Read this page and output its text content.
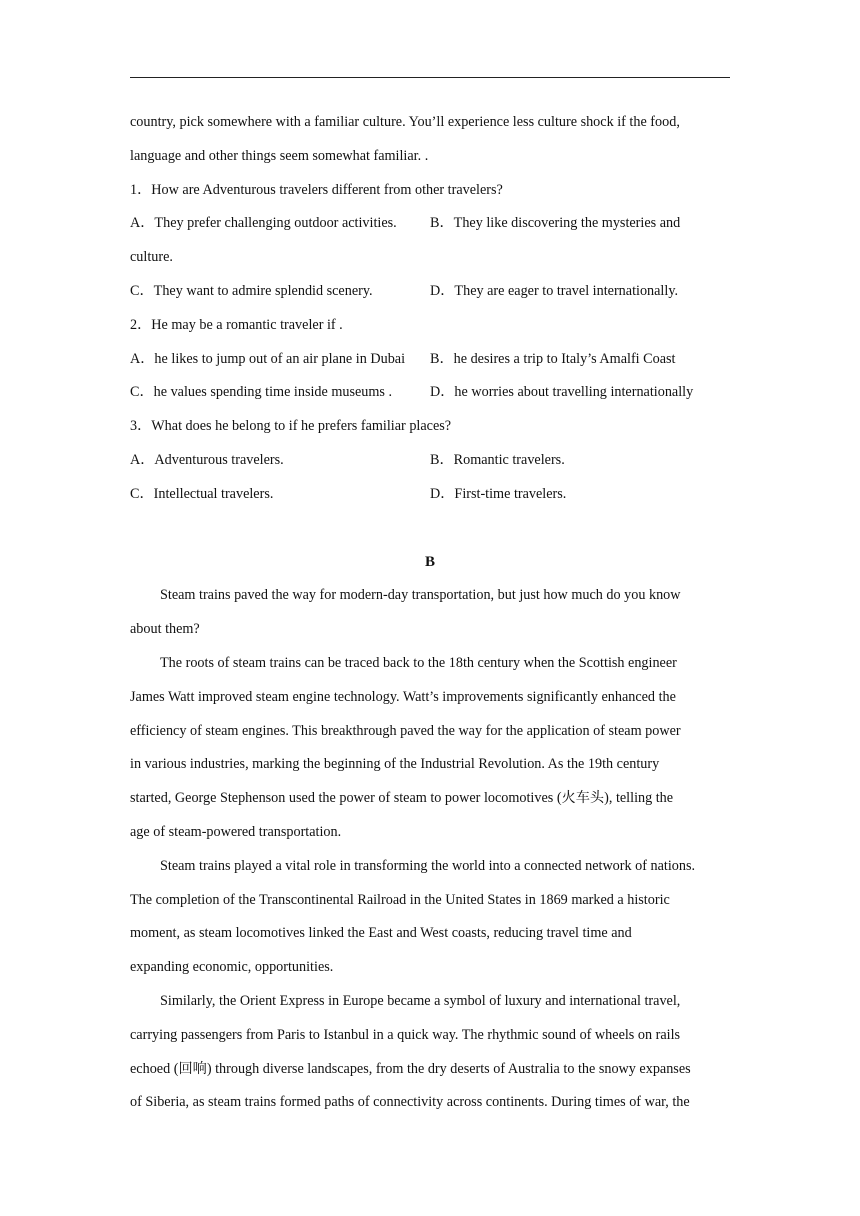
country, pick somewhere with a familiar culture. You’ll experience less culture shock if the food,
language and other things seem somewhat familiar. .
1．How are Adventurous travelers different from other travelers?
A．They prefer challenging outdoor activities.	B．They like discovering the mysteries and
culture.
C．They want to admire splendid scenery.	D．They are eager to travel internationally.
2．He may be a romantic traveler if .
A．he likes to jump out of an air plane in Dubai	B．he desires a trip to Italy’s Amalfi Coast
C．he values spending time inside museums .	D．he worries about travelling internationally
3．What does he belong to if he prefers familiar places?
A．Adventurous travelers.	B．Romantic travelers.
C．Intellectual travelers.	D．First-time travelers.
B
Steam trains paved the way for modern-day transportation, but just how much do you know
about them?
The roots of steam trains can be traced back to the 18th century when the Scottish engineer
James Watt improved steam engine technology. Watt’s improvements significantly enhanced the
efficiency of steam engines. This breakthrough paved the way for the application of steam power
in various industries, marking the beginning of the Industrial Revolution. As the 19th century
started, George Stephenson used the power of steam to power locomotives (火车头), telling the
age of steam-powered transportation.
Steam trains played a vital role in transforming the world into a connected network of nations.
The completion of the Transcontinental Railroad in the United States in 1869 marked a historic
moment, as steam locomotives linked the East and West coasts, reducing travel time and
expanding economic, opportunities.
Similarly, the Orient Express in Europe became a symbol of luxury and international travel,
carrying passengers from Paris to Istanbul in a quick way. The rhythmic sound of wheels on rails
echoed (回响) through diverse landscapes, from the dry deserts of Australia to the snowy expanses
of Siberia, as steam trains formed paths of connectivity across continents. During times of war, the
